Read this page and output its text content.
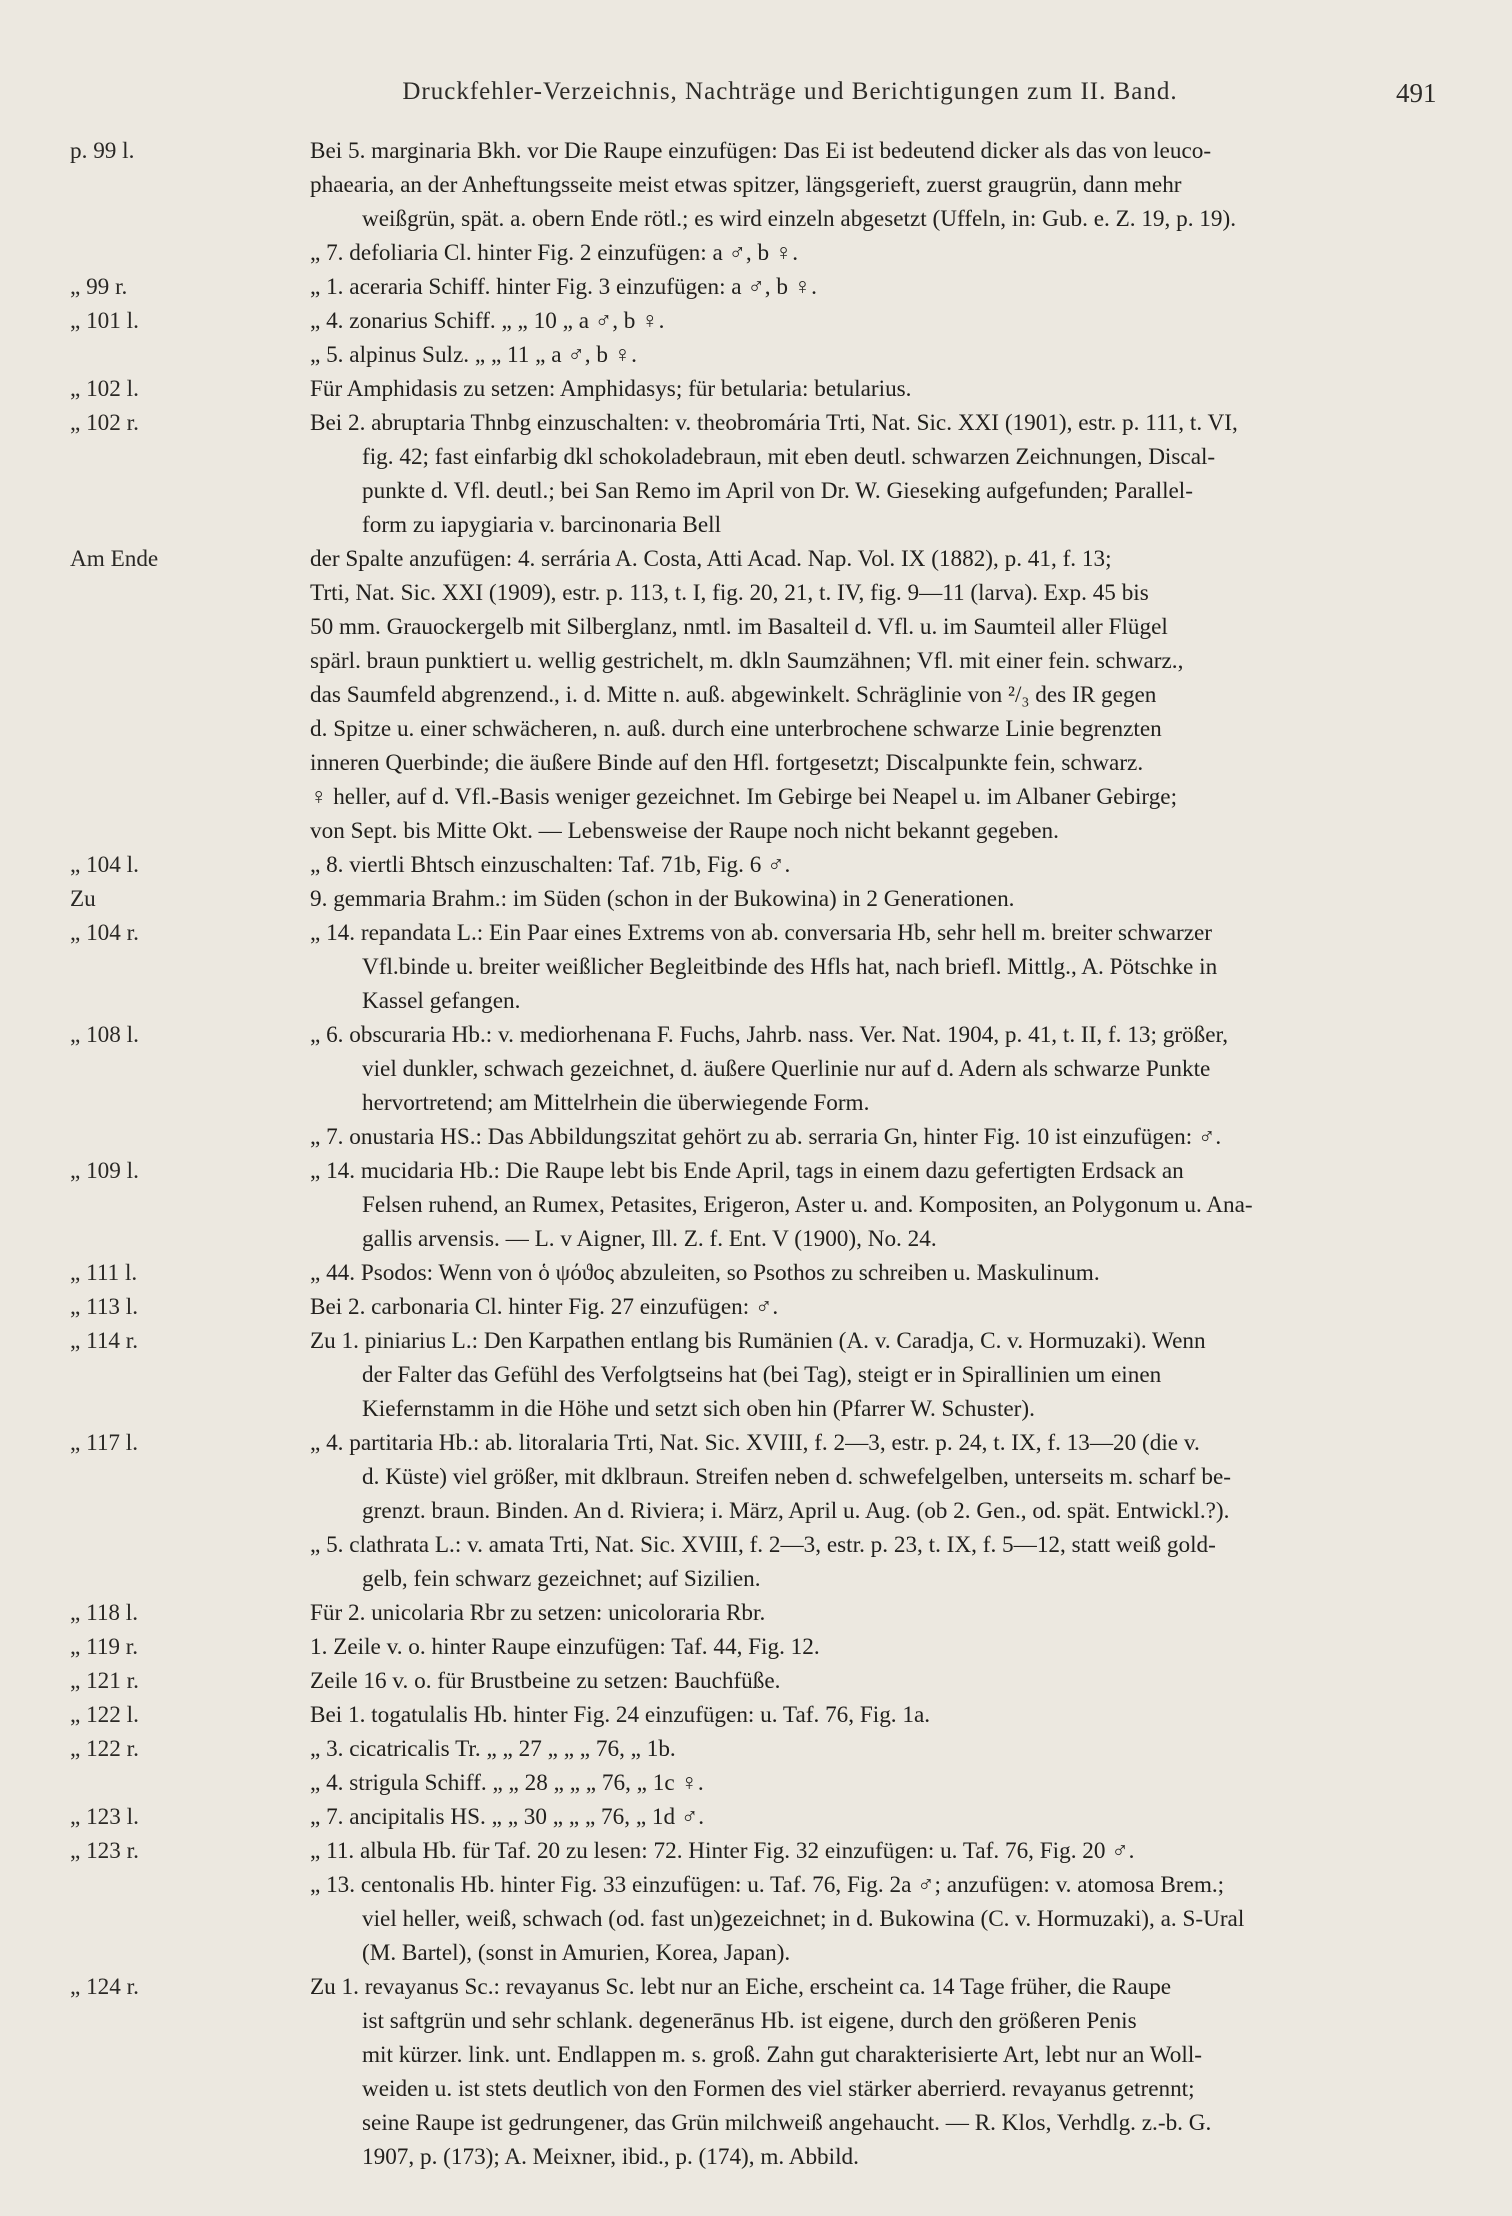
Druckfehler-Verzeichnis, Nachträge und Berichtigungen zum II. Band.	491
p. 99 l.	Bei 5. marginaria Bkh. vor Die Raupe einzufügen: Das Ei ist bedeutend dicker als das von leuco-
phaearia, an der Anheftungsseite meist etwas spitzer, längsgerieft, zuerst graugrün, dann mehr
weißgrün, spät. a. obern Ende rötl.; es wird einzeln abgesetzt (Uffeln, in: Gub. e. Z. 19, p. 19).
„ 7. defoliaria Cl. hinter Fig. 2 einzufügen: a ♂, b ♀.
„ 99 r.	„ 1. aceraria Schiff. hinter Fig. 3 einzufügen: a ♂, b ♀.
„ 101 l.	„ 4. zonarius Schiff. „ „ 10 „ a ♂, b ♀.
„ 5. alpinus Sulz. „ „ 11 „ a ♂, b ♀.
„ 102 l.	Für Amphidasis zu setzen: Amphidasys; für betularia: betularius.
„ 102 r.	Bei 2. abruptaria Thnbg einzuschalten: v. theobromária Trti, Nat. Sic. XXI (1901), estr. p. 111, t. VI,
fig. 42; fast einfarbig dkl schokoladebraun, mit eben deutl. schwarzen Zeichnungen, Discal-
punkte d. Vfl. deutl.; bei San Remo im April von Dr. W. Gieseking aufgefunden; Parallel-
form zu iapygiaria v. barcinonaria Bell
Am Ende	der Spalte anzufügen: 4. serrária A. Costa, Atti Acad. Nap. Vol. IX (1882), p. 41, f. 13;
Trti, Nat. Sic. XXI (1909), estr. p. 113, t. I, fig. 20, 21, t. IV, fig. 9—11 (larva). Exp. 45 bis
50 mm. Grauockergelb mit Silberglanz, nmtl. im Basalteil d. Vfl. u. im Saumteil aller Flügel
spärl. braun punktiert u. wellig gestrichelt, m. dkln Saumzähnen; Vfl. mit einer fein. schwarz.,
das Saumfeld abgrenzend., i. d. Mitte n. auß. abgewinkelt. Schräglinie von ²/₃ des IR gegen
d. Spitze u. einer schwächeren, n. auß. durch eine unterbrochene schwarze Linie begrenzten
inneren Querbinde; die äußere Binde auf den Hfl. fortgesetzt; Discalpunkte fein, schwarz.
♀ heller, auf d. Vfl.-Basis weniger gezeichnet. Im Gebirge bei Neapel u. im Albaner Gebirge;
von Sept. bis Mitte Okt. — Lebensweise der Raupe noch nicht bekannt gegeben.
„ 104 l.	„ 8. viertli Bhtsch einzuschalten: Taf. 71b, Fig. 6 ♂.
Zu	9. gemmaria Brahm.: im Süden (schon in der Bukowina) in 2 Generationen.
„ 104 r.	„ 14. repandata L.: Ein Paar eines Extrems von ab. conversaria Hb, sehr hell m. breiter schwarzer
Vfl.binde u. breiter weißlicher Begleitbinde des Hfls hat, nach briefl. Mittlg., A. Pötschke in
Kassel gefangen.
„ 108 l.	„ 6. obscuraria Hb.: v. mediorhenana F. Fuchs, Jahrb. nass. Ver. Nat. 1904, p. 41, t. II, f. 13; größer,
viel dunkler, schwach gezeichnet, d. äußere Querlinie nur auf d. Adern als schwarze Punkte
hervortretend; am Mittelrhein die überwiegende Form.
„ 7. onustaria HS.: Das Abbildungszitat gehört zu ab. serraria Gn, hinter Fig. 10 ist einzufügen: ♂.
„ 109 l.	„ 14. mucidaria Hb.: Die Raupe lebt bis Ende April, tags in einem dazu gefertigten Erdsack an
Felsen ruhend, an Rumex, Petasites, Erigeron, Aster u. and. Kompositen, an Polygonum u. Ana-
gallis arvensis. — L. v Aigner, Ill. Z. f. Ent. V (1900), No. 24.
„ 111 l.	„ 44. Psodos: Wenn von ὁ ψόϑος abzuleiten, so Psothos zu schreiben u. Maskulinum.
„ 113 l.	Bei 2. carbonaria Cl. hinter Fig. 27 einzufügen: ♂.
„ 114 r.	Zu 1. piniarius L.: Den Karpathen entlang bis Rumänien (A. v. Caradja, C. v. Hormuzaki). Wenn
der Falter das Gefühl des Verfolgtseins hat (bei Tag), steigt er in Spirallinien um einen
Kiefernstamm in die Höhe und setzt sich oben hin (Pfarrer W. Schuster).
„ 117 l.	„ 4. partitaria Hb.: ab. litoralaria Trti, Nat. Sic. XVIII, f. 2—3, estr. p. 24, t. IX, f. 13—20 (die v.
d. Küste) viel größer, mit dklbraun. Streifen neben d. schwefelgelben, unterseits m. scharf be-
grenzt. braun. Binden. An d. Riviera; i. März, April u. Aug. (ob 2. Gen., od. spät. Entwickl.?).
„ 5. clathrata L.: v. amata Trti, Nat. Sic. XVIII, f. 2—3, estr. p. 23, t. IX, f. 5—12, statt weiß gold-
gelb, fein schwarz gezeichnet; auf Sizilien.
„ 118 l.	Für 2. unicolaria Rbr zu setzen: unicoloraria Rbr.
„ 119 r.	1. Zeile v. o. hinter Raupe einzufügen: Taf. 44, Fig. 12.
„ 121 r.	Zeile 16 v. o. für Brustbeine zu setzen: Bauchfüße.
„ 122 l.	Bei 1. togatulalis Hb. hinter Fig. 24 einzufügen: u. Taf. 76, Fig. 1a.
„ 122 r.	„ 3. cicatricalis Tr. „ „ 27 „ „ „ 76, „ 1b.
„ 4. strigula Schiff. „ „ 28 „ „ „ 76, „ 1c ♀.
„ 123 l.	„ 7. ancipitalis HS. „ „ 30 „ „ „ 76, „ 1d ♂.
„ 123 r.	„ 11. albula Hb. für Taf. 20 zu lesen: 72. Hinter Fig. 32 einzufügen: u. Taf. 76, Fig. 20 ♂.
„ 13. centonalis Hb. hinter Fig. 33 einzufügen: u. Taf. 76, Fig. 2a ♂; anzufügen: v. atomosa Brem.;
viel heller, weiß, schwach (od. fast un)gezeichnet; in d. Bukowina (C. v. Hormuzaki), a. S-Ural
(M. Bartel), (sonst in Amurien, Korea, Japan).
„ 124 r.	Zu 1. revayanus Sc.: revayanus Sc. lebt nur an Eiche, erscheint ca. 14 Tage früher, die Raupe
ist saftgrün und sehr schlank. degenerānus Hb. ist eigene, durch den größeren Penis
mit kürzer. link. unt. Endlappen m. s. groß. Zahn gut charakterisierte Art, lebt nur an Woll-
weiden u. ist stets deutlich von den Formen des viel stärker aberrierd. revayanus getrennt;
seine Raupe ist gedrungener, das Grün milchweiß angehaucht. — R. Klos, Verhdlg. z.-b. G.
1907, p. (173); A. Meixner, ibid., p. (174), m. Abbild.
